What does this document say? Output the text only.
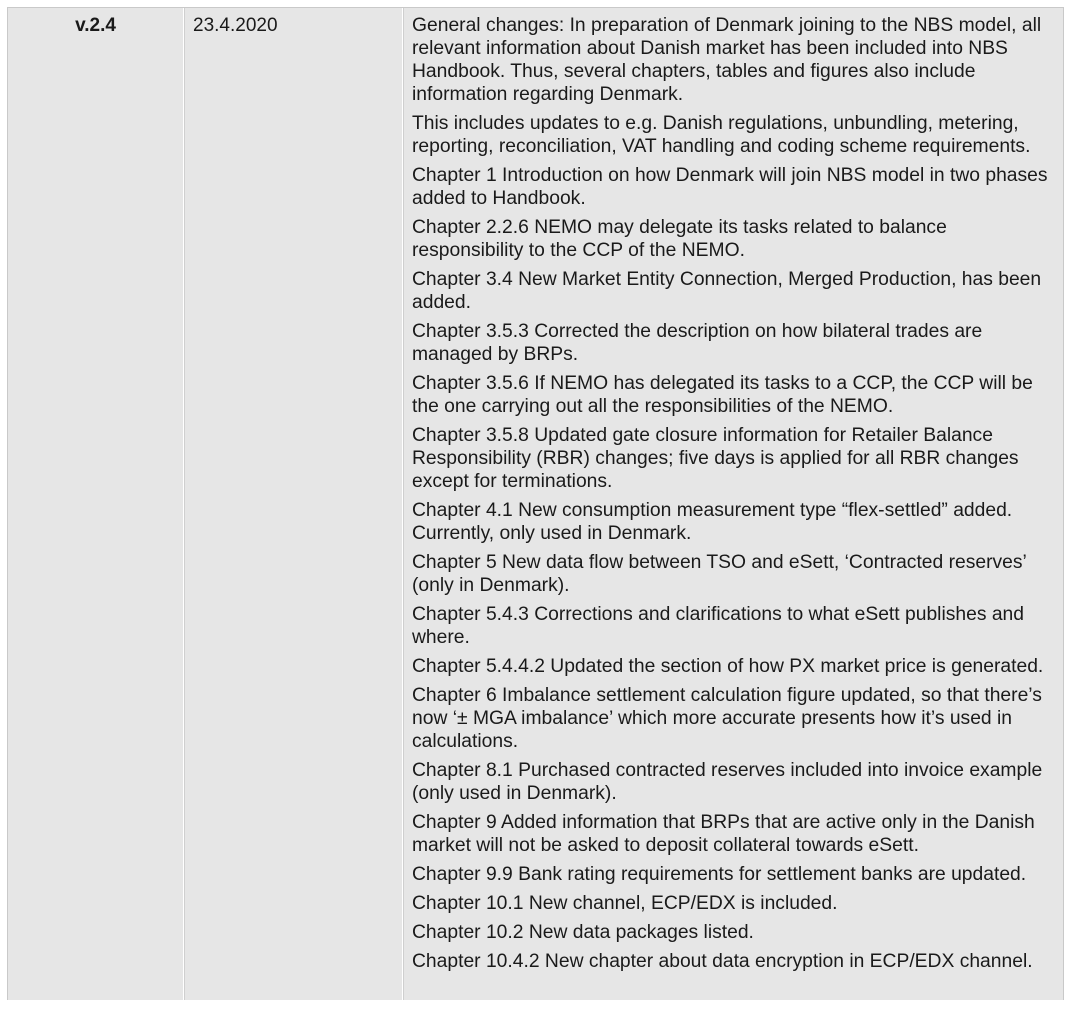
v.2.4	23.4.2020	General changes: In preparation of Denmark joining to the NBS model, all relevant information about Danish market has been included into NBS Handbook. Thus, several chapters, tables and figures also include information regarding Denmark.

This includes updates to e.g. Danish regulations, unbundling, metering, reporting, reconciliation, VAT handling and coding scheme requirements.

Chapter 1 Introduction on how Denmark will join NBS model in two phases added to Handbook.

Chapter 2.2.6 NEMO may delegate its tasks related to balance responsibility to the CCP of the NEMO.

Chapter 3.4 New Market Entity Connection, Merged Production, has been added.

Chapter 3.5.3 Corrected the description on how bilateral trades are managed by BRPs.

Chapter 3.5.6 If NEMO has delegated its tasks to a CCP, the CCP will be the one carrying out all the responsibilities of the NEMO.

Chapter 3.5.8 Updated gate closure information for Retailer Balance Responsibility (RBR) changes; five days is applied for all RBR changes except for terminations.

Chapter 4.1 New consumption measurement type “flex-settled” added. Currently, only used in Denmark.

Chapter 5 New data flow between TSO and eSett, ‘Contracted reserves’ (only in Denmark).

Chapter 5.4.3 Corrections and clarifications to what eSett publishes and where.

Chapter 5.4.4.2 Updated the section of how PX market price is generated.

Chapter 6 Imbalance settlement calculation figure updated, so that there’s now ‘± MGA imbalance’ which more accurate presents how it’s used in calculations.

Chapter 8.1 Purchased contracted reserves included into invoice example (only used in Denmark).

Chapter 9 Added information that BRPs that are active only in the Danish market will not be asked to deposit collateral towards eSett.

Chapter 9.9 Bank rating requirements for settlement banks are updated.

Chapter 10.1 New channel, ECP/EDX is included.

Chapter 10.2 New data packages listed.

Chapter 10.4.2 New chapter about data encryption in ECP/EDX channel.
